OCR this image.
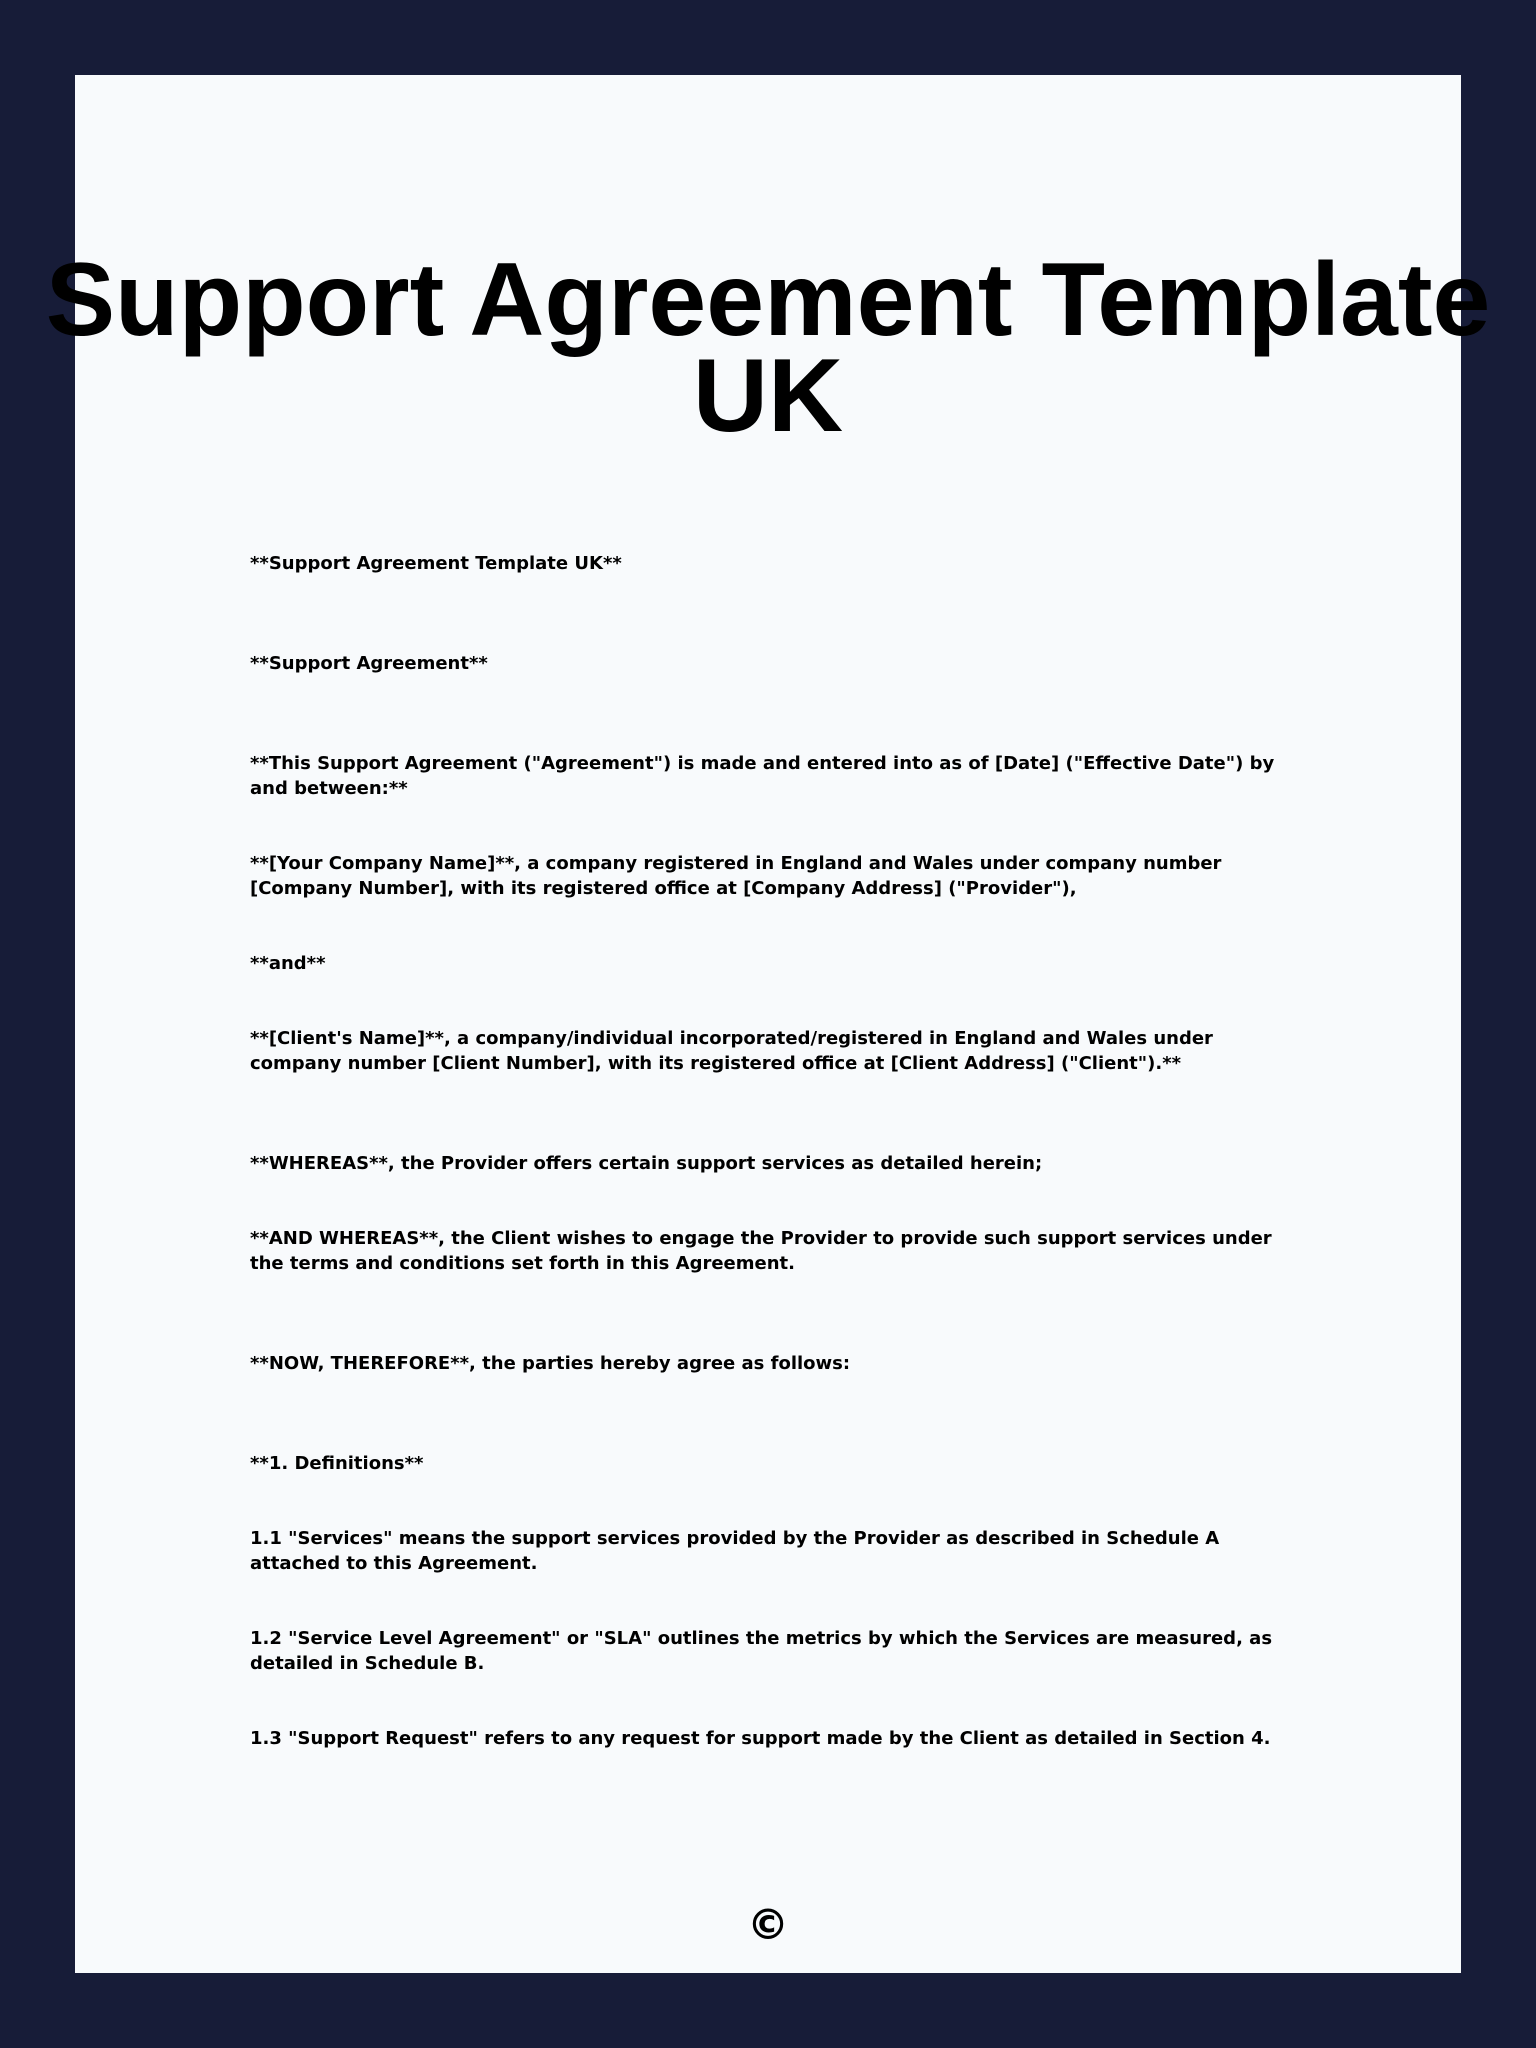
Support Agreement Template
UK

**Support Agreement Template UK**

**Support Agreement**

**This Support Agreement ("Agreement") is made and entered into as of [Date] ("Effective Date") by and between:**

**[Your Company Name]**, a company registered in England and Wales under company number [Company Number], with its registered office at [Company Address] ("Provider"),

**and**

**[Client's Name]**, a company/individual incorporated/registered in England and Wales under company number [Client Number], with its registered office at [Client Address] ("Client").**

**WHEREAS**, the Provider offers certain support services as detailed herein;

**AND WHEREAS**, the Client wishes to engage the Provider to provide such support services under the terms and conditions set forth in this Agreement.

**NOW, THEREFORE**, the parties hereby agree as follows:

**1. Definitions**

1.1 "Services" means the support services provided by the Provider as described in Schedule A attached to this Agreement.

1.2 "Service Level Agreement" or "SLA" outlines the metrics by which the Services are measured, as detailed in Schedule B.

1.3 "Support Request" refers to any request for support made by the Client as detailed in Section 4.

©
